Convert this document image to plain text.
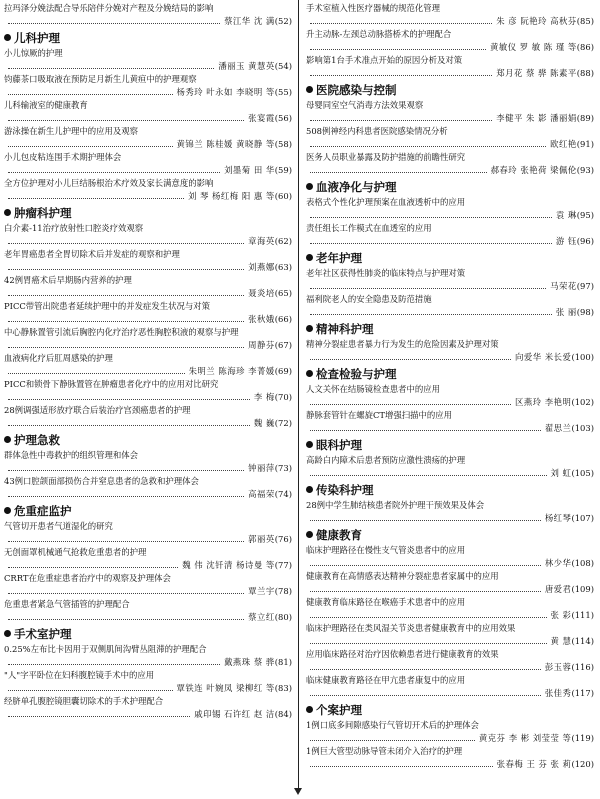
拉玛泽分娩法配合导乐陪伴分娩对产程及分娩结局的影响
蔡江华 沈 满 (52)
儿科护理
小儿惊厥的护理
潘丽玉 黄慧英 (54)
钧藤茶口吸取液在预防足月新生儿黄疸中的护理观察
杨秀玲 叶永如 李晓明 等 (55)
儿科输液室的健康教育
张宴霞 (56)
游泳操在新生儿护理中的应用及观察
黄锦兰 陈桂媛 黄晓静 等 (58)
小儿包皮粘连围手术期护理体会
刘墨菊 田 华 (59)
全方位护理对小儿巨结肠根治术疗效及家长满意度的影响
刘 琴 杨红梅 阳 惠 等 (60)
肿瘤科护理
白介素-11治疗放射性口腔炎疗效观察
章海英 (62)
老年胃癌患者全胃切除术后并发症的观察和护理
刘燕娜 (63)
42例胃癌术后早期肠内营养的护理
聂炎培 (65)
PICC带管出院患者延续护理中的并发症发生状况与对策
张秋娥 (66)
中心静脉置管引流后胸腔内化疗治疗恶性胸腔积液的观察与护理
周静芬 (67)
血液病化疗后肛周感染的护理
朱明兰 陈海珍 李菁媛 (69)
PICC和锁骨下静脉置管在肿瘤患者化疗中的应用对比研究
李 梅 (70)
28例调强适形放疗联合后装治疗宫颈癌患者的护理
魏 巍 (72)
护理急救
群体急性中毒救护的组织管理和体会
钟丽萍 (73)
43例口腔颌面部损伤合并窒息患者的急救和护理体会
高福荣 (74)
危重症监护
气管切开患者气道湿化的研究
郭丽英 (76)
无创面罩机械通气抢救危重患者的护理
魏 伟 沈钎清 杨诗曼 等 (77)
CRRT在危重症患者治疗中的观察及护理体会
覃兰宇 (78)
危重患者紧急气管插管的护理配合
蔡立红 (80)
手术室护理
0.25%左布比卡因用于双侧肌间沟臂丛阻滞的护理配合
戴燕珠 蔡 骅 (81)
"人"字平卧位在妇科腹腔镜手术中的应用
覃铁连 叶婉凤 梁柳红 等 (83)
经脐单孔腹腔镜胆囊切除术的手术护理配合
戚印锡 石许红 赵 洁 (84)
手术室植入性医疗器械的规范化管理
朱 彦 阮艳玲 高秋芬 (85)
升主动脉-左颈总动脉搭桥术的护理配合
黄敏仪 罗 敏 陈 瑾 等 (86)
影响第1台手术准点开始的原因分析及对策
郑月花 蔡 骅 陈素平 (88)
医院感染与控制
母婴同室空气消毒方法效果观察
李健平 朱 影 潘丽娟 (89)
508例神经内科患者医院感染情况分析
欧红艳 (91)
医务人员职业暴露及防护措施的前瞻性研究
郝春玲 张艳荷 梁佩伦 (93)
血液净化与护理
表格式个性化护理预案在血液透析中的应用
袁 琳 (95)
责任组长工作模式在血透室的应用
游 钰 (96)
老年护理
老年社区获得性肺炎的临床特点与护理对策
马荣花 (97)
福利院老人的安全隐患及防范措施
张 丽 (98)
精神科护理
精神分裂症患者暴力行为发生的危险因素及护理对策
向爱华 米长爱 (100)
检查检验与护理
人文关怀在结肠镜检查患者中的应用
区燕玲 李艳明 (102)
静脉套管针在螺旋CT增强扫描中的应用
翟思兰 (103)
眼科护理
高龄白内障术后患者预防应激性溃疡的护理
刘 虹 (105)
传染科护理
28例中学生肺结核患者院外护理干预效果及体会
杨红琴 (107)
健康教育
临床护理路径在慢性支气管炎患者中的应用
林少华 (108)
健康教育在高情感表达精神分裂症患者家属中的应用
唐爱君 (109)
健康教育临床路径在喉癌手术患者中的应用
张 彩 (111)
临床护理路径在类风湿关节炎患者健康教育中的应用效果
黄 慧 (114)
应用临床路径对治疗因依赖患者进行健康教育的效果
彭玉蓉 (116)
临床健康教育路径在甲亢患者康复中的应用
张佳秀 (117)
个案护理
1例口底多间隙感染行气管切开术后的护理体会
黄克芬 李 彬 刘莹莹 等 (119)
1例巨大管型动脉导管未闭介入治疗的护理
张春梅 王 芬 张 莉 (120)
